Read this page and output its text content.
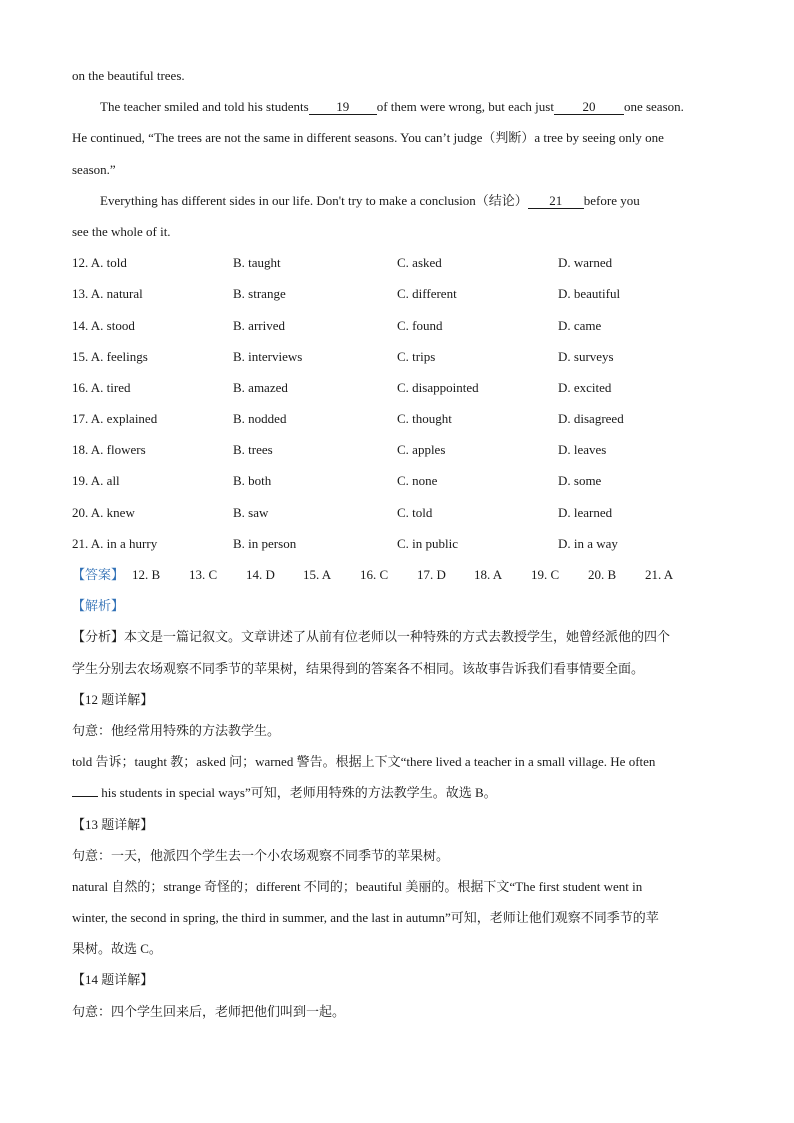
on the beautiful trees.
The teacher smiled and told his students 19 of them were wrong, but each just 20 one season.
He continued, “The trees are not the same in different seasons. You can’t judge（判断）a tree by seeing only one
season.”
Everything has different sides in our life. Don't try to make a conclusion（结论） 21 before you
see the whole of it.
12. A. told	B. taught	C. asked	D. warned
13. A. natural	B. strange	C. different	D. beautiful
14. A. stood	B. arrived	C. found	D. came
15. A. feelings	B. interviews	C. trips	D. surveys
16. A. tired	B. amazed	C. disappointed	D. excited
17. A. explained	B. nodded	C. thought	D. disagreed
18. A. flowers	B. trees	C. apples	D. leaves
19. A. all	B. both	C. none	D. some
20. A. knew	B. saw	C. told	D. learned
21. A. in a hurry	B. in person	C. in public	D. in a way
【答案】 12. B	13. C	14. D	15. A	16. C	17. D	18. A	19. C	20. B	21. A
【解析】
【分析】本文是一篇记叙文。文章讲述了从前有位老师以一种特殊的方式去教授学生，她曾经派他的四个
学生分别去农场观察不同季节的苹果树，结果得到的答案各不相同。该故事告诉我们看事情要全面。
【12 题详解】
句意：他经常用特殊的方法教学生。
told 告诉；taught 教；asked 问；warned 警告。根据上下文“there lived a teacher in a small village. He often
his students in special ways”可知，老师用特殊的方法教学生。故选 B。
【13 题详解】
句意：一天，他派四个学生去一个小农场观察不同季节的苹果树。
natural 自然的；strange 奇怪的；different 不同的；beautiful 美丽的。根据下文“The first student went in
winter, the second in spring, the third in summer, and the last in autumn”可知，老师让他们观察不同季节的苹
果树。故选 C。
【14 题详解】
句意：四个学生回来后，老师把他们叫到一起。
